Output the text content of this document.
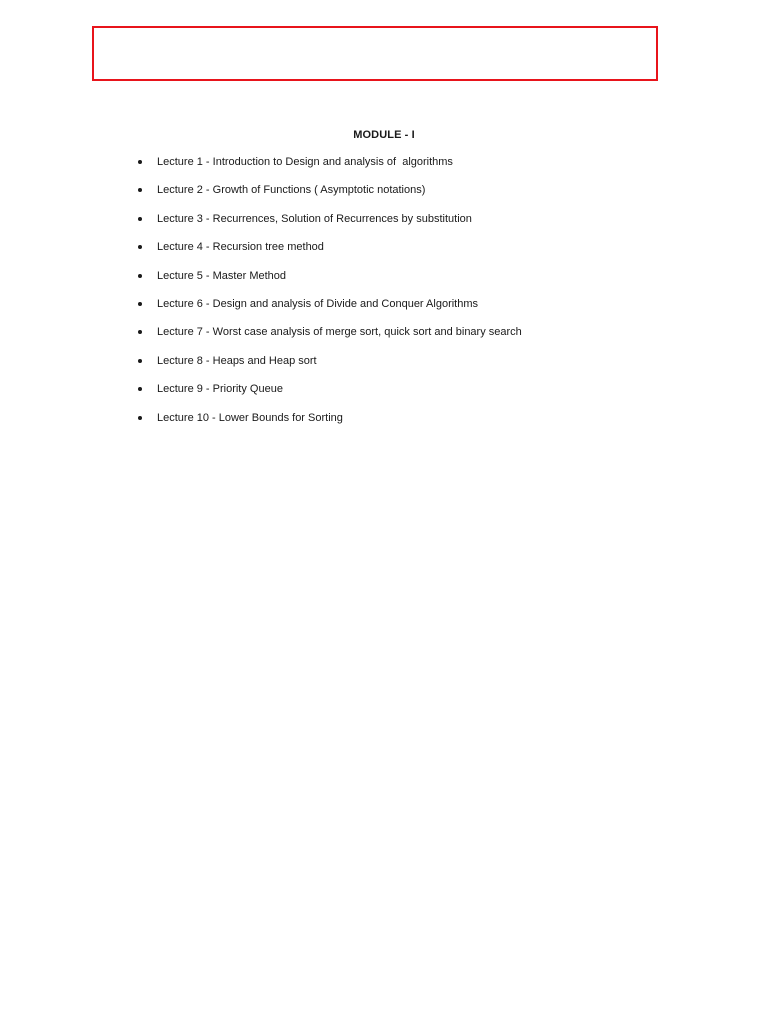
MODULE - I
Lecture 1 - Introduction to Design and analysis of  algorithms
Lecture 2 - Growth of Functions ( Asymptotic notations)
Lecture 3 - Recurrences, Solution of Recurrences by substitution
Lecture 4 - Recursion tree method
Lecture 5 - Master Method
Lecture 6 - Design and analysis of Divide and Conquer Algorithms
Lecture 7 - Worst case analysis of merge sort, quick sort and binary search
Lecture 8 - Heaps and Heap sort
Lecture 9 - Priority Queue
Lecture 10 - Lower Bounds for Sorting
